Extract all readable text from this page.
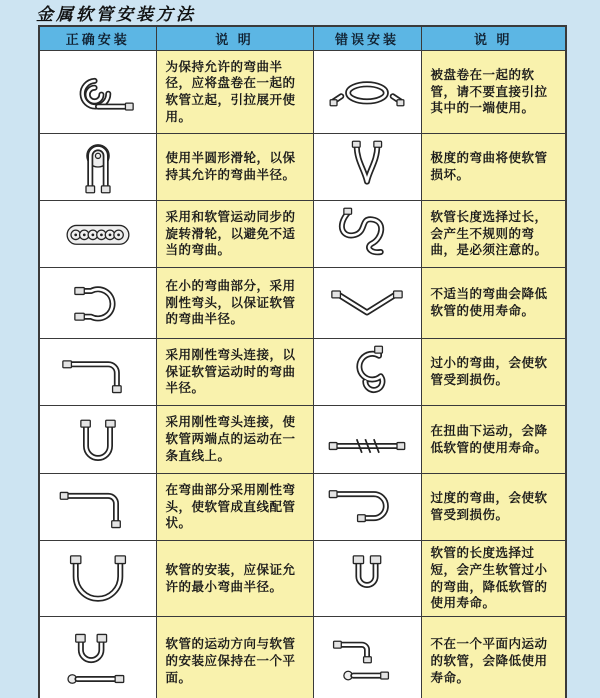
金属软管安装方法
正确安装	说 明	错误安装	说 明
	为保持允许的弯曲半径，应将盘卷在一起的软管立起，引拉展开使用。		被盘卷在一起的软管，请不要直接引拉其中的一端使用。
	使用半圆形滑轮，以保持其允许的弯曲半径。		极度的弯曲将使软管损坏。
	采用和软管运动同步的旋转滑轮，以避免不适当的弯曲。		软管长度选择过长，会产生不规则的弯曲，是必须注意的。
	在小的弯曲部分，采用刚性弯头，以保证软管的弯曲半径。		不适当的弯曲会降低软管的使用寿命。
	采用刚性弯头连接，以保证软管运动时的弯曲半径。		过小的弯曲，会使软管受到损伤。
	采用刚性弯头连接，使软管两端点的运动在一条直线上。		在扭曲下运动，会降低软管的使用寿命。
	在弯曲部分采用刚性弯头，使软管成直线配管状。		过度的弯曲，会使软管受到损伤。
	软管的安装，应保证允许的最小弯曲半径。		软管的长度选择过短，会产生软管过小的弯曲，降低软管的使用寿命。
	软管的运动方向与软管的安装应保持在一个平面。		不在一个平面内运动的软管，会降低使用寿命。
